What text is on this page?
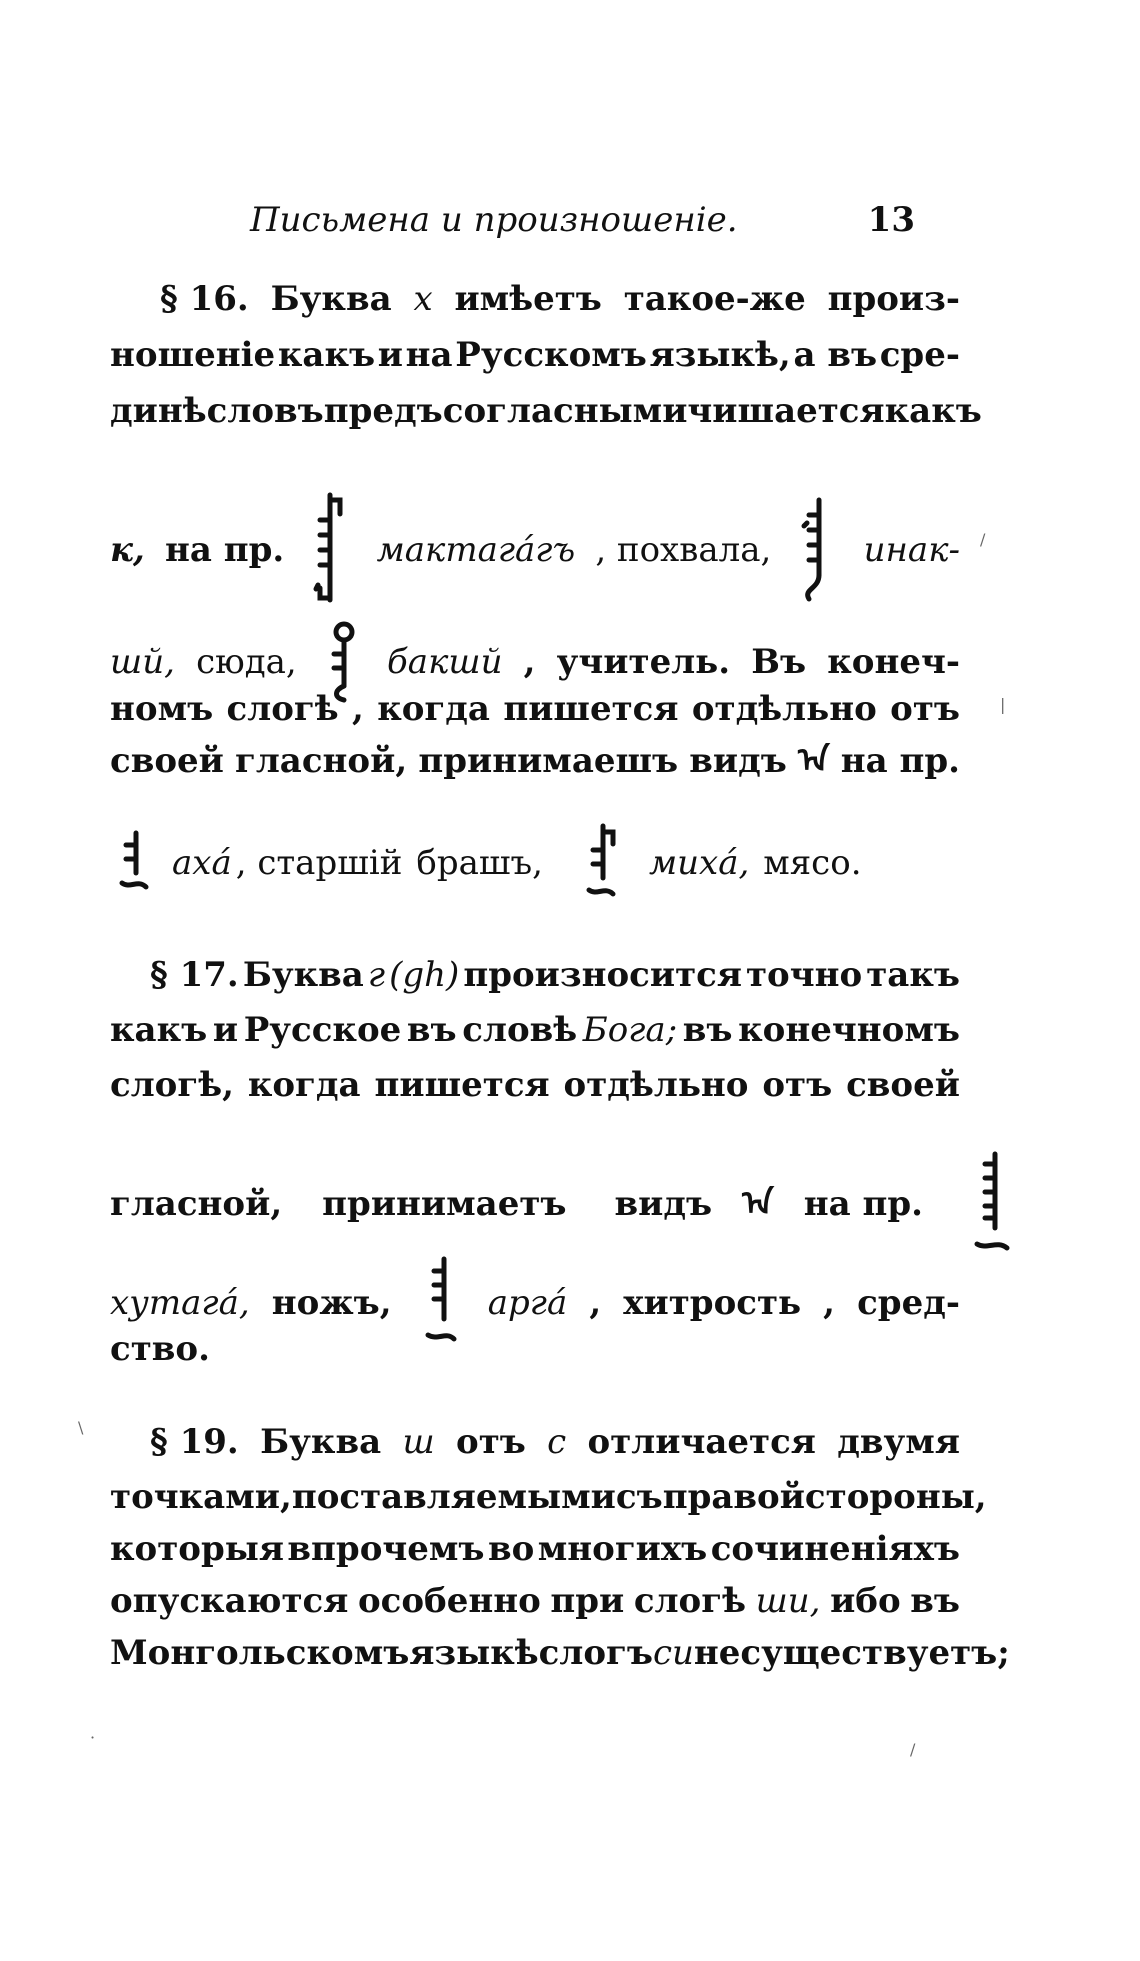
Письмена и произношенie.	13
§ 16. Буква х имѣетъ такое-же произ-
ношенie какъ и на Русскомъ языкѣ, а въ сре-
динѣ словъ предъ согласными чишается какъ
к, на пр.	мактагáгъ , похвала,	инак-
шй, сюда,	бакшй , учитель. Въ конеч-
номъ слогѣ , когда пишется отдѣльно отъ
своей гласной, принимаешъ видъ ᠠ на пр.
ахá , старшiй брашъ,	михá, мясо.
§ 17. Буква г (gh) произносится точно такъ
какъ и Русское въ словѣ Бога; въ конечномъ
слогѣ, когда пишется отдѣльно отъ своей
гласной, принимаетъ видъ ᠠ на пр.
хутагá, ножъ,	аргá , хитрость , сред-
ство.
§ 19. Буква ш отъ с отличается двумя
точками, поставляемыми съ правой стороны,
которыя впрочемъ во многихъ сочиненiяхъ
опускаются особенно при слогѣ ши, ибо въ
Монгольскомъ языкѣ слогъ си несуществуетъ;
/
|
\
·
/
